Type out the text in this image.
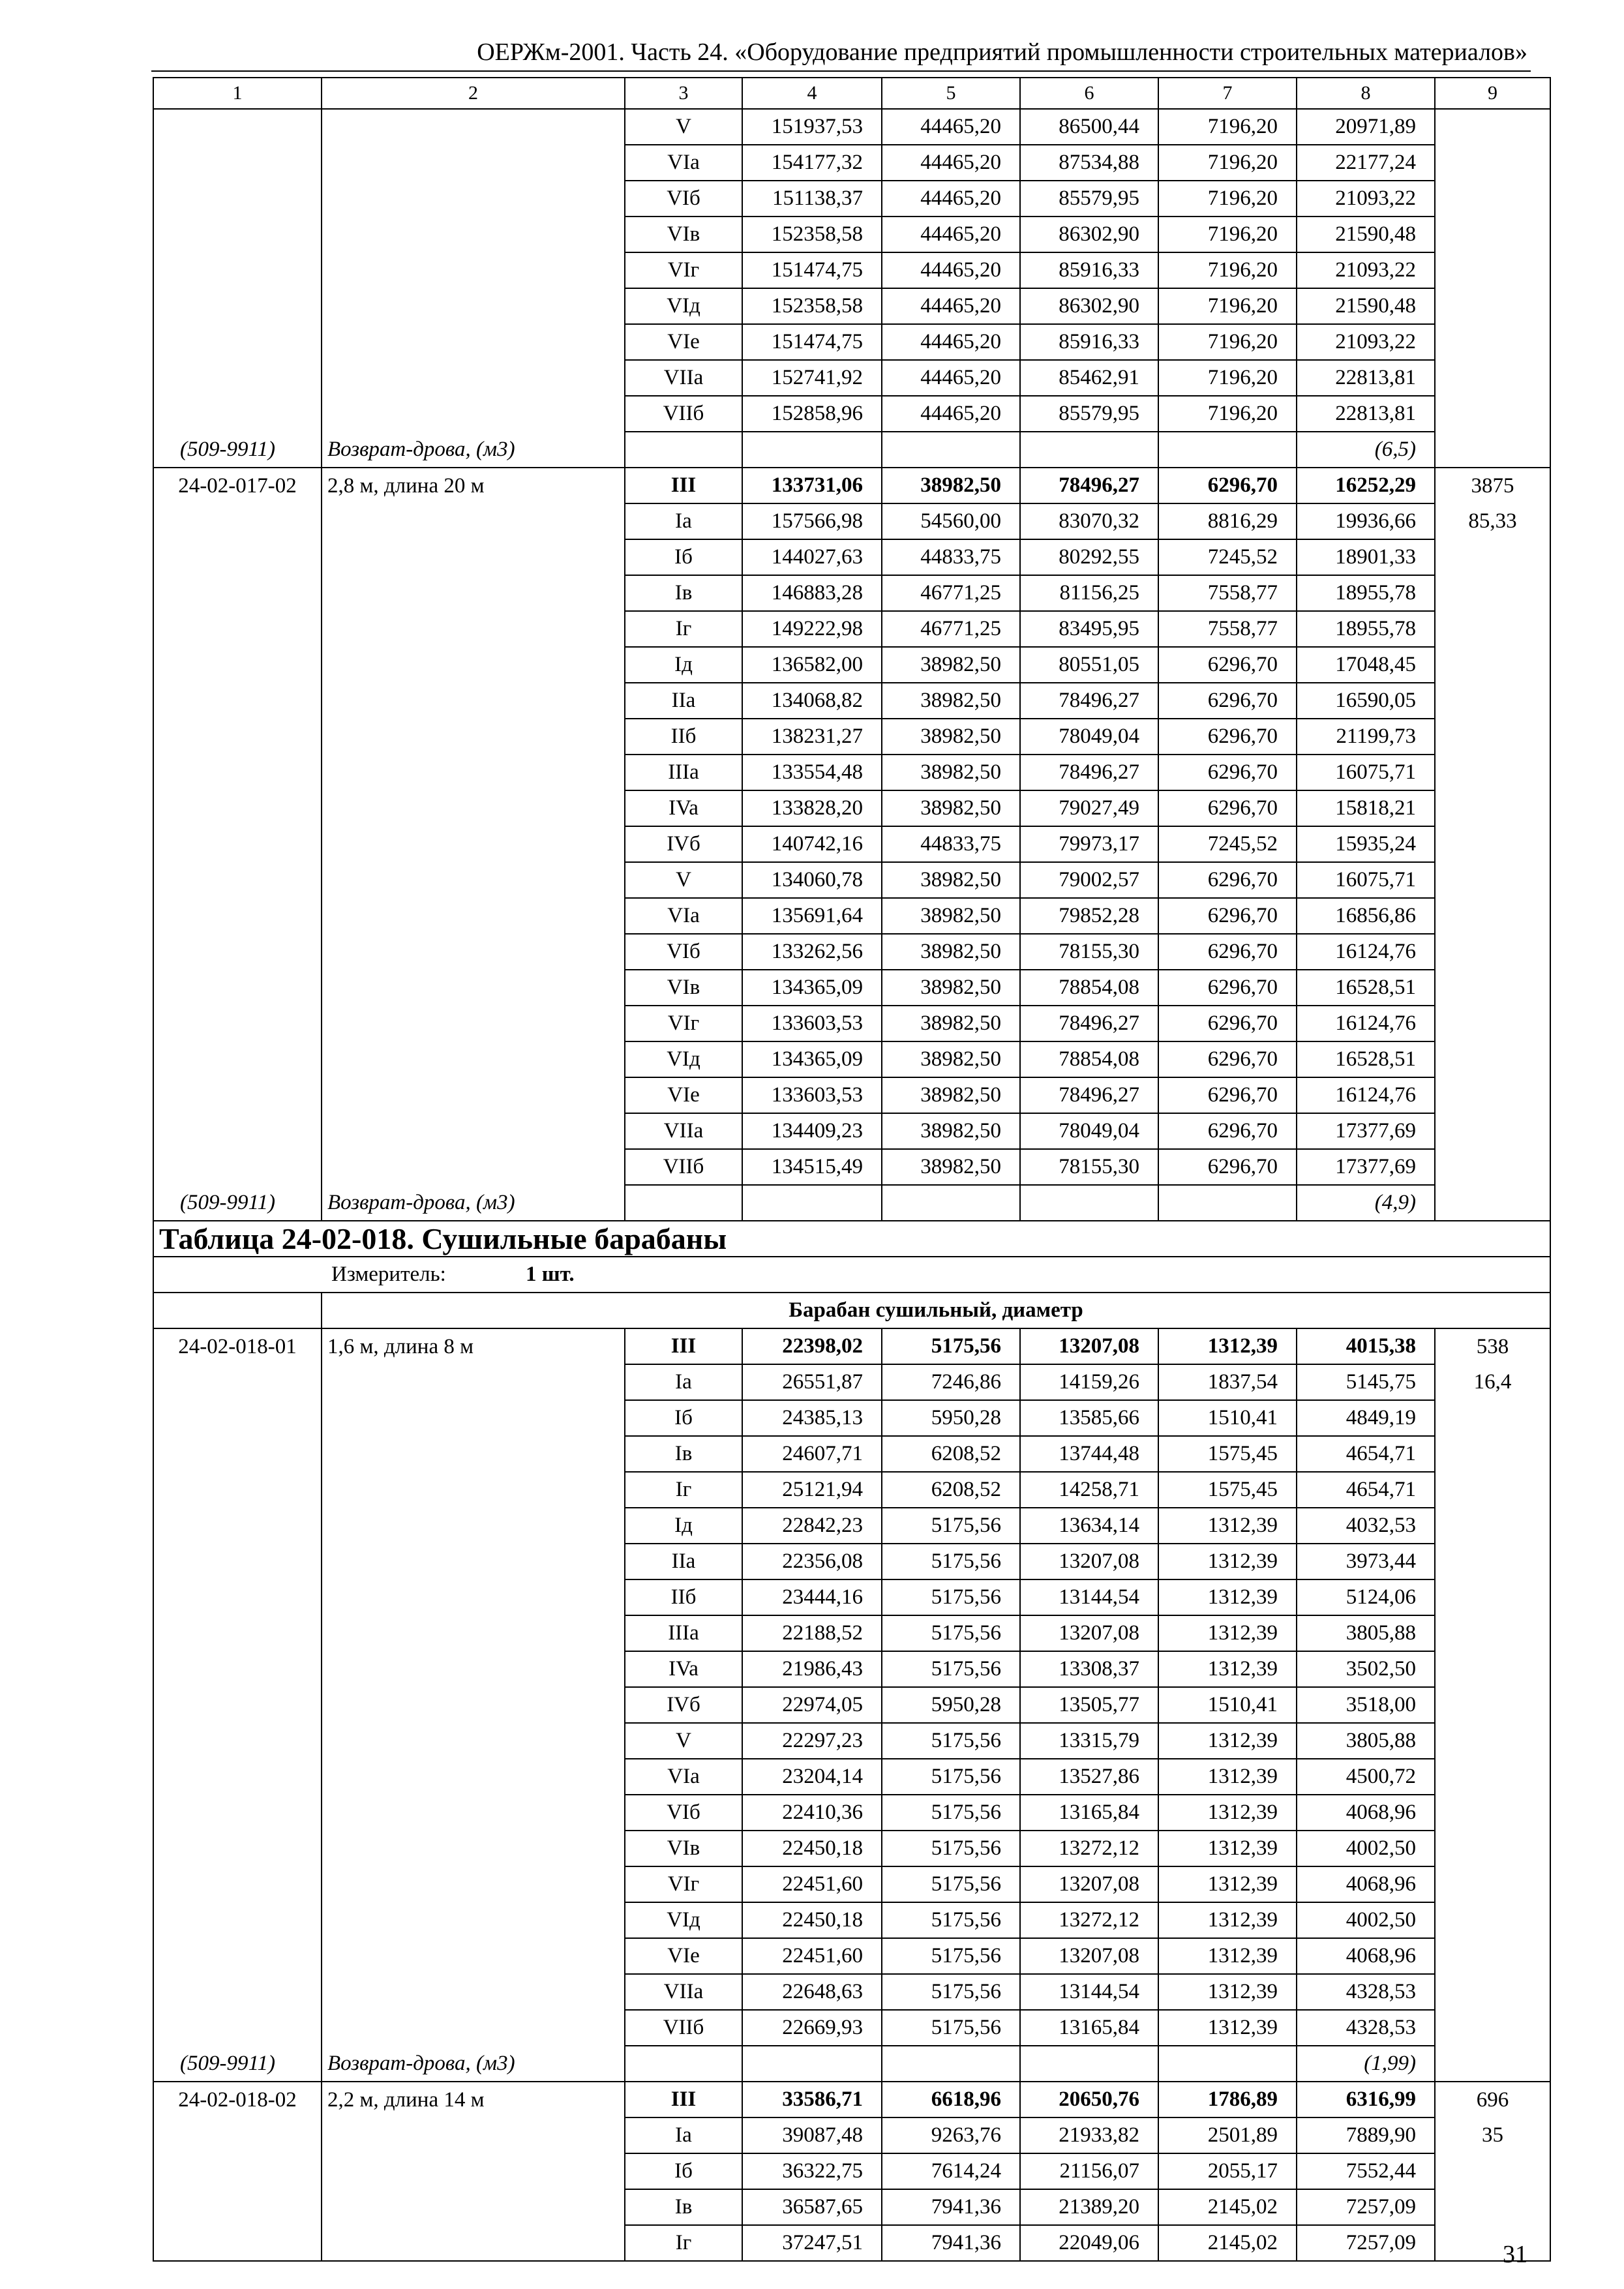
ОЕРЖм-2001. Часть 24. «Оборудование предприятий промышленности строительных материалов»
1	2	3	4	5	6	7	8	9
		V	151937,53	44465,20	86500,44	7196,20	20971,89	
		VIa	154177,32	44465,20	87534,88	7196,20	22177,24	
		VIб	151138,37	44465,20	85579,95	7196,20	21093,22	
		VIв	152358,58	44465,20	86302,90	7196,20	21590,48	
		VIг	151474,75	44465,20	85916,33	7196,20	21093,22	
		VIд	152358,58	44465,20	86302,90	7196,20	21590,48	
		VIe	151474,75	44465,20	85916,33	7196,20	21093,22	
		VIIa	152741,92	44465,20	85462,91	7196,20	22813,81	
		VIIб	152858,96	44465,20	85579,95	7196,20	22813,81	
(509-9911)	Возврат-дрова, (м3)						(6,5)	
24-02-017-02	2,8 м, длина 20 м	III	133731,06	38982,50	78496,27	6296,70	16252,29	3875
		Ia	157566,98	54560,00	83070,32	8816,29	19936,66	85,33
		Iб	144027,63	44833,75	80292,55	7245,52	18901,33	
		Iв	146883,28	46771,25	81156,25	7558,77	18955,78	
		Iг	149222,98	46771,25	83495,95	7558,77	18955,78	
		Iд	136582,00	38982,50	80551,05	6296,70	17048,45	
		IIa	134068,82	38982,50	78496,27	6296,70	16590,05	
		IIб	138231,27	38982,50	78049,04	6296,70	21199,73	
		IIIa	133554,48	38982,50	78496,27	6296,70	16075,71	
		IVa	133828,20	38982,50	79027,49	6296,70	15818,21	
		IVб	140742,16	44833,75	79973,17	7245,52	15935,24	
		V	134060,78	38982,50	79002,57	6296,70	16075,71	
		VIa	135691,64	38982,50	79852,28	6296,70	16856,86	
		VIб	133262,56	38982,50	78155,30	6296,70	16124,76	
		VIв	134365,09	38982,50	78854,08	6296,70	16528,51	
		VIг	133603,53	38982,50	78496,27	6296,70	16124,76	
		VIд	134365,09	38982,50	78854,08	6296,70	16528,51	
		VIe	133603,53	38982,50	78496,27	6296,70	16124,76	
		VIIa	134409,23	38982,50	78049,04	6296,70	17377,69	
		VIIб	134515,49	38982,50	78155,30	6296,70	17377,69	
(509-9911)	Возврат-дрова, (м3)						(4,9)	
Таблица 24-02-018. Сушильные барабаны								
Измеритель: 1 шт.								
	Барабан сушильный, диаметр							
24-02-018-01	1,6 м, длина 8 м	III	22398,02	5175,56	13207,08	1312,39	4015,38	538
		Ia	26551,87	7246,86	14159,26	1837,54	5145,75	16,4
		Iб	24385,13	5950,28	13585,66	1510,41	4849,19	
		Iв	24607,71	6208,52	13744,48	1575,45	4654,71	
		Iг	25121,94	6208,52	14258,71	1575,45	4654,71	
		Iд	22842,23	5175,56	13634,14	1312,39	4032,53	
		IIa	22356,08	5175,56	13207,08	1312,39	3973,44	
		IIб	23444,16	5175,56	13144,54	1312,39	5124,06	
		IIIa	22188,52	5175,56	13207,08	1312,39	3805,88	
		IVa	21986,43	5175,56	13308,37	1312,39	3502,50	
		IVб	22974,05	5950,28	13505,77	1510,41	3518,00	
		V	22297,23	5175,56	13315,79	1312,39	3805,88	
		VIa	23204,14	5175,56	13527,86	1312,39	4500,72	
		VIб	22410,36	5175,56	13165,84	1312,39	4068,96	
		VIв	22450,18	5175,56	13272,12	1312,39	4002,50	
		VIг	22451,60	5175,56	13207,08	1312,39	4068,96	
		VIд	22450,18	5175,56	13272,12	1312,39	4002,50	
		VIe	22451,60	5175,56	13207,08	1312,39	4068,96	
		VIIa	22648,63	5175,56	13144,54	1312,39	4328,53	
		VIIб	22669,93	5175,56	13165,84	1312,39	4328,53	
(509-9911)	Возврат-дрова, (м3)						(1,99)	
24-02-018-02	2,2 м, длина 14 м	III	33586,71	6618,96	20650,76	1786,89	6316,99	696
		Ia	39087,48	9263,76	21933,82	2501,89	7889,90	35
		Iб	36322,75	7614,24	21156,07	2055,17	7552,44	
		Iв	36587,65	7941,36	21389,20	2145,02	7257,09	
		Iг	37247,51	7941,36	22049,06	2145,02	7257,09		31
